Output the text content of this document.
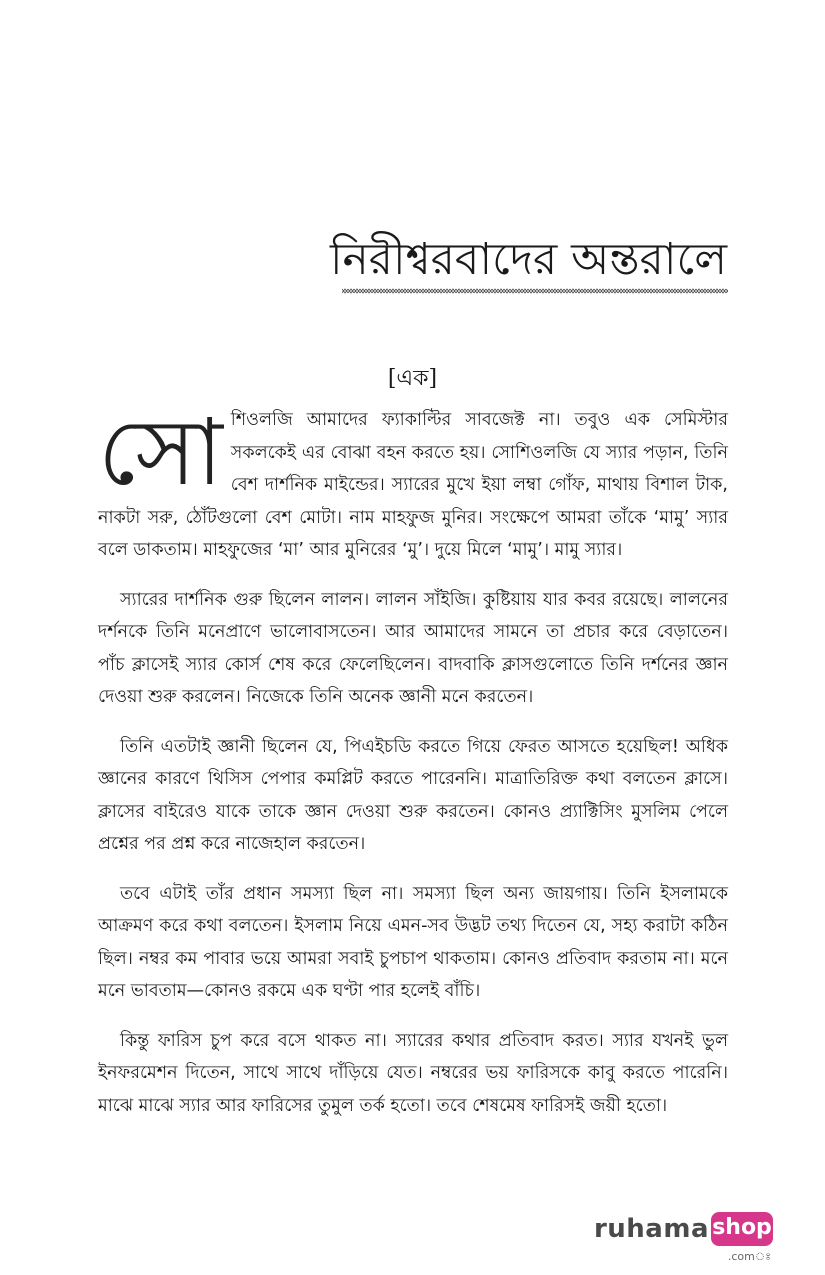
নিরীশ্বরবাদের অন্তরালে
[এক]

সোশিওলজি আমাদের ফ্যাকাল্টির সাবজেক্ট না। তবুও এক সেমিস্টার সকলকেই এর বোঝা বহন করতে হয়। সোশিওলজি যে স্যার পড়ান, তিনি বেশ দার্শনিক মাইন্ডের। স্যারের মুখে ইয়া লম্বা গোঁফ, মাথায় বিশাল টাক, নাকটা সরু, ঠোঁটগুলো বেশ মোটা। নাম মাহফুজ মুনির। সংক্ষেপে আমরা তাঁকে ‘মামু’ স্যার বলে ডাকতাম। মাহফুজের ‘মা’ আর মুনিরের ‘মু’। দুয়ে মিলে ‘মামু’। মামু স্যার।

স্যারের দার্শনিক গুরু ছিলেন লালন। লালন সাঁইজি। কুষ্টিয়ায় যার কবর রয়েছে। লালনের দর্শনকে তিনি মনেপ্রাণে ভালোবাসতেন। আর আমাদের সামনে তা প্রচার করে বেড়াতেন। পাঁচ ক্লাসেই স্যার কোর্স শেষ করে ফেলেছিলেন। বাদবাকি ক্লাসগুলোতে তিনি দর্শনের জ্ঞান দেওয়া শুরু করলেন। নিজেকে তিনি অনেক জ্ঞানী মনে করতেন।

তিনি এতটাই জ্ঞানী ছিলেন যে, পিএইচডি করতে গিয়ে ফেরত আসতে হয়েছিল! অধিক জ্ঞানের কারণে থিসিস পেপার কমপ্লিট করতে পারেননি। মাত্রাতিরিক্ত কথা বলতেন ক্লাসে। ক্লাসের বাইরেও যাকে তাকে জ্ঞান দেওয়া শুরু করতেন। কোনও প্র্যাক্টিসিং মুসলিম পেলে প্রশ্নের পর প্রশ্ন করে নাজেহাল করতেন।

তবে এটাই তাঁর প্রধান সমস্যা ছিল না। সমস্যা ছিল অন্য জায়গায়। তিনি ইসলামকে আক্রমণ করে কথা বলতেন। ইসলাম নিয়ে এমন-সব উদ্ভট তথ্য দিতেন যে, সহ্য করাটা কঠিন ছিল। নম্বর কম পাবার ভয়ে আমরা সবাই চুপচাপ থাকতাম। কোনও প্রতিবাদ করতাম না। মনে মনে ভাবতাম—কোনও রকমে এক ঘণ্টা পার হলেই বাঁচি।

কিন্তু ফারিস চুপ করে বসে থাকত না। স্যারের কথার প্রতিবাদ করত। স্যার যখনই ভুল ইনফরমেশন দিতেন, সাথে সাথে দাঁড়িয়ে যেত। নম্বরের ভয় ফারিসকে কাবু করতে পারেনি। মাঝে মাঝে স্যার আর ফারিসের তুমুল তর্ক হতো। তবে শেষমেষ ফারিসই জয়ী হতো।

ruhama shop
.comঃ
